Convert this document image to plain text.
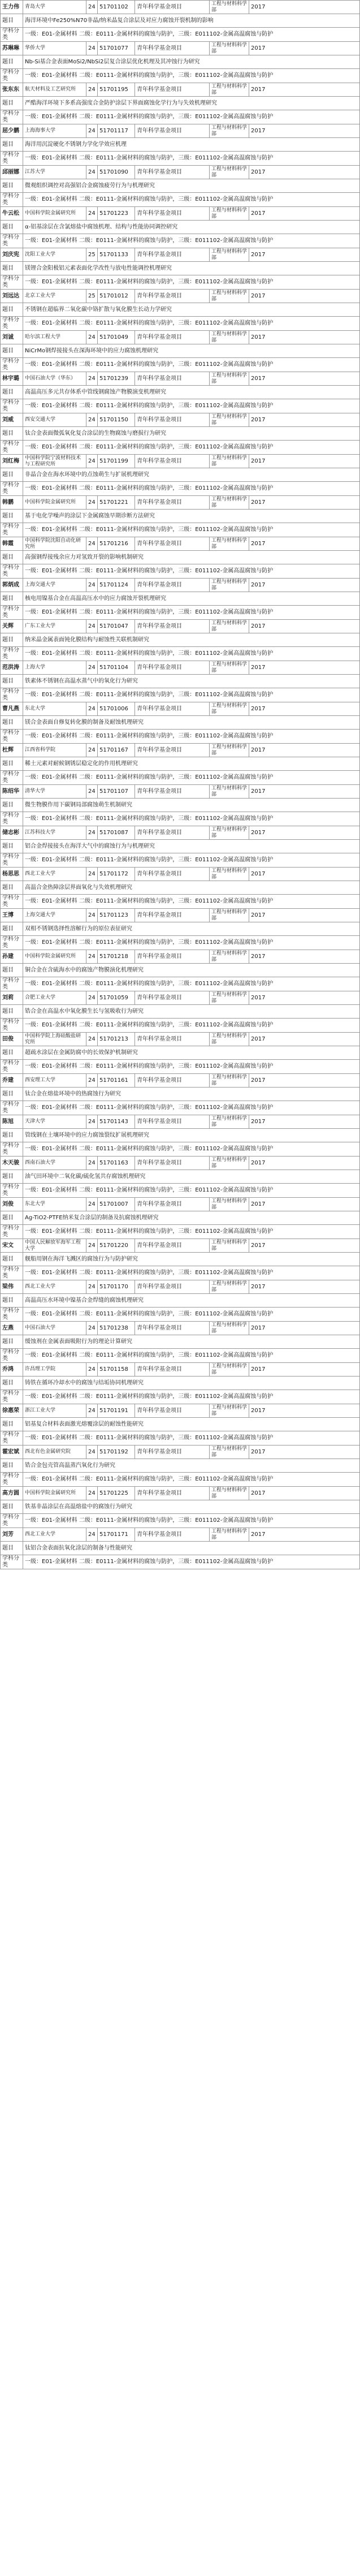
王力伟	青岛大学	24	51701102	青年科学基金项目	工程与材料科学部	2017
题目	海洋环境中Fe250%N70非晶/纳米晶复合涂层及对应力腐蚀开裂机制的影响					
学科分类	一级：E01-金属材料 二级：E0111-金属材料的腐蚀与防护，三级：E011102-金属高温腐蚀与防护					
苏琳琳	华侨大学	24	51701077	青年科学基金项目	工程与材料科学部	2017
题目	Nb-Si基合金表面MoSi2/NbSi2层复合涂层优化机理及其冲蚀行为研究					
学科分类	一级：E01-金属材料 二级：E0111-金属材料的腐蚀与防护，三级：E011102-金属高温腐蚀与防护					
张东东	航天材料及工艺研究所	24	51701195	青年科学基金项目	工程与材料科学部	2017
题目	严酷海洋环境下多系高强度合金防护涂层下界面腐蚀化学行为与失效机理研究					
学科分类	一级：E01-金属材料 二级：E0111-金属材料的腐蚀与防护，三级：E011102-金属高温腐蚀与防护					
屈少鹏	上海海事大学	24	51701117	青年科学基金项目	工程与材料科学部	2017
题目	海洋用沉淀硬化不锈钢力学化学效应机理					
学科分类	一级：E01-金属材料 二级：E0111-金属材料的腐蚀与防护，三级：E011102-金属高温腐蚀与防护					
邱丽娜	江苏大学	24	51701090	青年科学基金项目	工程与材料科学部	2017
题目	微观组织调控对高强铝合金腐蚀疲劳行为与机理研究					
学科分类	一级：E01-金属材料 二级：E0111-金属材料的腐蚀与防护，三级：E011102-金属高温腐蚀与防护					
牛云松	中国科学院金属研究所	24	51701223	青年科学基金项目	工程与材料科学部	2017
题目	α-铝基涂层在含氯熔盐中腐蚀机理、结构与性能协同调控研究					
学科分类	一级：E01-金属材料 二级：E0111-金属材料的腐蚀与防护，三级：E011102-金属高温腐蚀与防护					
刘庆宪	沈阳工业大学	25	51701133	青年科学基金项目	工程与材料科学部	2017
题目	镁锂合金阳极铝元素表面化学改性与放电性能调控机理研究					
学科分类	一级：E01-金属材料 二级：E0111-金属材料的腐蚀与防护，三级：E011102-金属高温腐蚀与防护					
刘远达	北京工业大学	25	51701012	青年科学基金项目	工程与材料科学部	2017
题目	不锈钢在超临界二氧化碳中铬扩散与氧化膜生长动力学研究					
学科分类	一级：E01-金属材料 二级：E0111-金属材料的腐蚀与防护，三级：E011102-金属高温腐蚀与防护					
刘诚	哈尔滨工程大学	24	51701049	青年科学基金项目	工程与材料科学部	2017
题目	NiCrMo钢焊接接头在深海环境中的应力腐蚀机理研究					
学科分类	一级：E01-金属材料 二级：E0111-金属材料的腐蚀与防护，三级：E011102-金属高温腐蚀与防护					
林宇璐	中国石油大学（华东）	24	51701239	青年科学基金项目	工程与材料科学部	2017
题目	高温高压多元共存体系中管线钢腐蚀产物膜演变机理研究					
学科分类	一级：E01-金属材料 二级：E0111-金属材料的腐蚀与防护，三级：E011102-金属高温腐蚀与防护					
刘威	西安交通大学	24	51701150	青年科学基金项目	工程与材料科学部	2017
题目	钛合金表面微弧氧化复合涂层的生物腐蚀与磨损行为研究					
学科分类	一级：E01-金属材料 二级：E0111-金属材料的腐蚀与防护，三级：E011102-金属高温腐蚀与防护					
刘红梅	中国科学院宁波材料技术与工程研究所	24	51701199	青年科学基金项目	工程与材料科学部	2017
题目	非晶合金在海水环境中的点蚀萌生与扩展机理研究					
学科分类	一级：E01-金属材料 二级：E0111-金属材料的腐蚀与防护，三级：E011102-金属高温腐蚀与防护					
韩鹏	中国科学院金属研究所	24	51701221	青年科学基金项目	工程与材料科学部	2017
题目	基于电化学噪声的涂层下金属腐蚀早期诊断方法研究					
学科分类	一级：E01-金属材料 二级：E0111-金属材料的腐蚀与防护，三级：E011102-金属高温腐蚀与防护					
韩霞	中国科学院沈阳自动化研究所	24	51701216	青年科学基金项目	工程与材料科学部	2017
题目	高强钢焊接残余应力对氢致开裂的影响机制研究					
学科分类	一级：E01-金属材料 二级：E0111-金属材料的腐蚀与防护，三级：E011102-金属高温腐蚀与防护					
郭炳成	上海交通大学	24	51701124	青年科学基金项目	工程与材料科学部	2017
题目	核电用镍基合金在高温高压水中的应力腐蚀开裂机理研究					
学科分类	一级：E01-金属材料 二级：E0111-金属材料的腐蚀与防护，三级：E011102-金属高温腐蚀与防护					
关辉	广东工业大学	24	51701047	青年科学基金项目	工程与材料科学部	2017
题目	纳米晶金属表面钝化膜结构与耐蚀性关联机制研究					
学科分类	一级：E01-金属材料 二级：E0111-金属材料的腐蚀与防护，三级：E011102-金属高温腐蚀与防护					
范洪涛	上海大学	24	51701104	青年科学基金项目	工程与材料科学部	2017
题目	铁素体不锈钢在高温水蒸气中的氧化行为研究					
学科分类	一级：E01-金属材料 二级：E0111-金属材料的腐蚀与防护，三级：E011102-金属高温腐蚀与防护					
曹凡燕	东北大学	24	51701006	青年科学基金项目	工程与材料科学部	2017
题目	镁合金表面自修复转化膜的制备及耐蚀机理研究					
学科分类	一级：E01-金属材料 二级：E0111-金属材料的腐蚀与防护，三级：E011102-金属高温腐蚀与防护					
杜辉	江西省科学院	24	51701167	青年科学基金项目	工程与材料科学部	2017
题目	稀土元素对耐候钢锈层稳定化的作用机理研究					
学科分类	一级：E01-金属材料 二级：E0111-金属材料的腐蚀与防护，三级：E011102-金属高温腐蚀与防护					
陈绍华	清华大学	24	51701107	青年科学基金项目	工程与材料科学部	2017
题目	微生物膜作用下碳钢局部腐蚀萌生机制研究					
学科分类	一级：E01-金属材料 二级：E0111-金属材料的腐蚀与防护，三级：E011102-金属高温腐蚀与防护					
储志彬	江苏科技大学	24	51701087	青年科学基金项目	工程与材料科学部	2017
题目	铝合金焊接接头在海洋大气中的腐蚀行为与机理研究					
学科分类	一级：E01-金属材料 二级：E0111-金属材料的腐蚀与防护，三级：E011102-金属高温腐蚀与防护					
杨思思	西北工业大学	24	51701172	青年科学基金项目	工程与材料科学部	2017
题目	高温合金热障涂层界面氧化与失效机理研究					
学科分类	一级：E01-金属材料 二级：E0111-金属材料的腐蚀与防护，三级：E011102-金属高温腐蚀与防护					
王博	上海交通大学	24	51701123	青年科学基金项目	工程与材料科学部	2017
题目	双相不锈钢选择性溶解行为的原位表征研究					
学科分类	一级：E01-金属材料 二级：E0111-金属材料的腐蚀与防护，三级：E011102-金属高温腐蚀与防护					
孙建	中国科学院金属研究所	24	51701218	青年科学基金项目	工程与材料科学部	2017
题目	铜合金在含硫海水中的腐蚀产物膜演化机理研究					
学科分类	一级：E01-金属材料 二级：E0111-金属材料的腐蚀与防护，三级：E011102-金属高温腐蚀与防护					
刘莉	合肥工业大学	24	51701059	青年科学基金项目	工程与材料科学部	2017
题目	锆合金在高温水中氧化膜生长与氢吸收行为研究					
学科分类	一级：E01-金属材料 二级：E0111-金属材料的腐蚀与防护，三级：E011102-金属高温腐蚀与防护					
田俊	中国科学院上海硅酸盐研究所	24	51701213	青年科学基金项目	工程与材料科学部	2017
题目	超疏水涂层在金属防腐中的长效保护机制研究					
学科分类	一级：E01-金属材料 二级：E0111-金属材料的腐蚀与防护，三级：E011102-金属高温腐蚀与防护					
乔建	西安理工大学	24	51701161	青年科学基金项目	工程与材料科学部	2017
题目	钛合金在熔盐环境中的热腐蚀行为研究					
学科分类	一级：E01-金属材料 二级：E0111-金属材料的腐蚀与防护，三级：E011102-金属高温腐蚀与防护					
陈旭	天津大学	24	51701143	青年科学基金项目	工程与材料科学部	2017
题目	管线钢在土壤环境中的应力腐蚀裂纹扩展机理研究					
学科分类	一级：E01-金属材料 二级：E0111-金属材料的腐蚀与防护，三级：E011102-金属高温腐蚀与防护					
木天骏	西南石油大学	24	51701163	青年科学基金项目	工程与材料科学部	2017
题目	油气田环境中二氧化碳/硫化氢共存腐蚀机理研究					
学科分类	一级：E01-金属材料 二级：E0111-金属材料的腐蚀与防护，三级：E011102-金属高温腐蚀与防护					
刘俊	东北大学	24	51701007	青年科学基金项目	工程与材料科学部	2017
题目	Ag-TiO2-PTFE纳米复合涂层的制备及抗腐蚀机理研究					
学科分类	一级：E01-金属材料 二级：E0111-金属材料的腐蚀与防护，三级：E011102-金属高温腐蚀与防护					
宋文	中国人民解放军海军工程大学	24	51701220	青年科学基金项目	工程与材料科学部	2017
题目	舰船用钢在海洋飞溅区的腐蚀行为与防护研究					
学科分类	一级：E01-金属材料 二级：E0111-金属材料的腐蚀与防护，三级：E011102-金属高温腐蚀与防护					
梁伟	西北工业大学	24	51701170	青年科学基金项目	工程与材料科学部	2017
题目	高温高压水环境中镍基合金焊缝的腐蚀机理研究					
学科分类	一级：E01-金属材料 二级：E0111-金属材料的腐蚀与防护，三级：E011102-金属高温腐蚀与防护					
左燕	中国石油大学	24	51701238	青年科学基金项目	工程与材料科学部	2017
题目	缓蚀剂在金属表面吸附行为的理论计算研究					
学科分类	一级：E01-金属材料 二级：E0111-金属材料的腐蚀与防护，三级：E011102-金属高温腐蚀与防护					
乔鸿	许昌理工学院	24	51701158	青年科学基金项目	工程与材料科学部	2017
题目	铸铁在循环冷却水中的腐蚀与结垢协同机理研究					
学科分类	一级：E01-金属材料 二级：E0111-金属材料的腐蚀与防护，三级：E011102-金属高温腐蚀与防护					
徐惠荣	浙江工业大学	24	51701191	青年科学基金项目	工程与材料科学部	2017
题目	铝基复合材料表面激光熔覆涂层的耐蚀性能研究					
学科分类	一级：E01-金属材料 二级：E0111-金属材料的腐蚀与防护，三级：E011102-金属高温腐蚀与防护					
霍宏斌	西北有色金属研究院	24	51701192	青年科学基金项目	工程与材料科学部	2017
题目	锆合金包壳管高温蒸汽氧化行为研究					
学科分类	一级：E01-金属材料 二级：E0111-金属材料的腐蚀与防护，三级：E011102-金属高温腐蚀与防护					
高方圆	中国科学院金属研究所	24	51701225	青年科学基金项目	工程与材料科学部	2017
题目	铁基非晶涂层在高温熔盐中的腐蚀行为研究					
学科分类	一级：E01-金属材料 二级：E0111-金属材料的腐蚀与防护，三级：E011102-金属高温腐蚀与防护					
刘芳	西北工业大学	24	51701171	青年科学基金项目	工程与材料科学部	2017
题目	钛铝合金表面抗氧化涂层的制备与性能研究					
学科分类	一级：E01-金属材料 二级：E0111-金属材料的腐蚀与防护，三级：E011102-金属高温腐蚀与防护					
